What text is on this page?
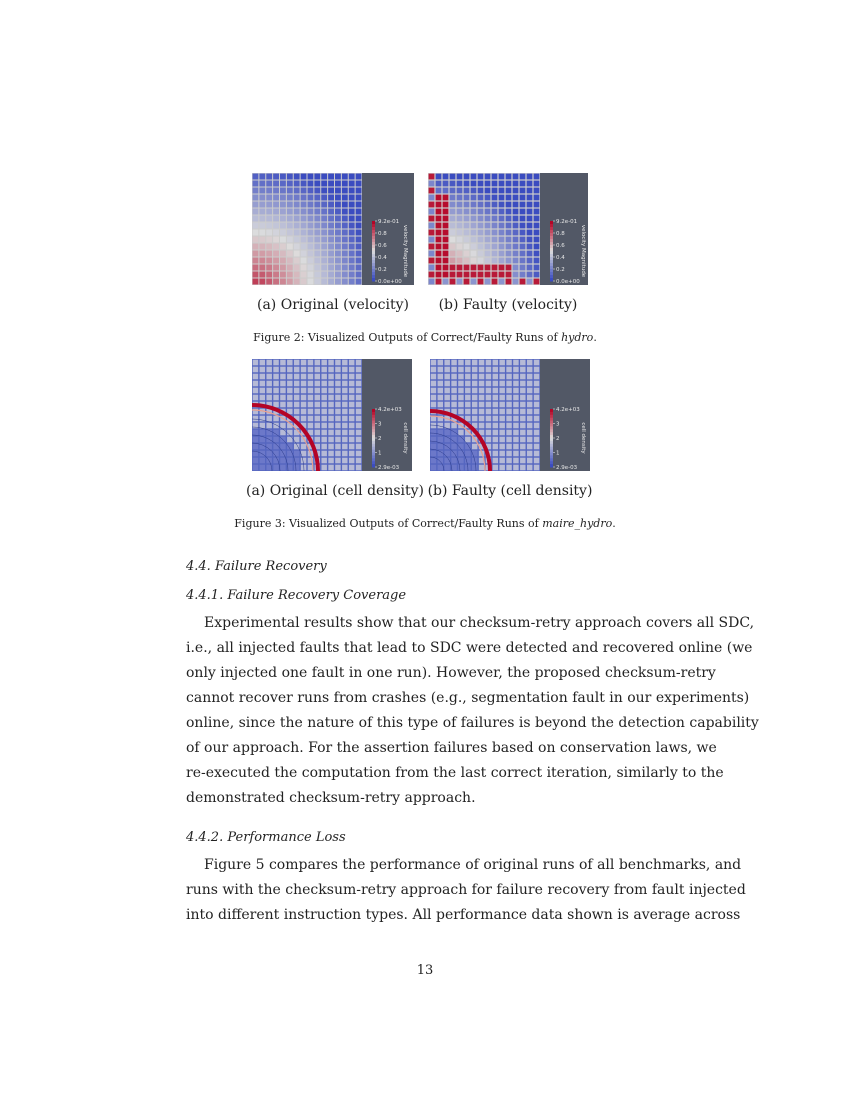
9.2e-01
0.8
0.6
0.4
0.2
0.0e+00
velocity Magnitude
9.2e-01
0.8
0.6
0.4
0.2
0.0e+00
velocity Magnitude
(a) Original (velocity)	(b) Faulty (velocity)
Figure 2: Visualized Outputs of Correct/Faulty Runs of hydro.
4.2e+03
3
2
1
2.9e-03
cell density
4.2e+03
3
2
1
2.9e-03
cell density
(a) Original (cell density) (b) Faulty (cell density)
Figure 3: Visualized Outputs of Correct/Faulty Runs of maire_hydro.
4.4. Failure Recovery
4.4.1. Failure Recovery Coverage
Experimental results show that our checksum-retry approach covers all SDC,
i.e., all injected faults that lead to SDC were detected and recovered online (we
only injected one fault in one run). However, the proposed checksum-retry
cannot recover runs from crashes (e.g., segmentation fault in our experiments)
online, since the nature of this type of failures is beyond the detection capability
of our approach. For the assertion failures based on conservation laws, we
re-executed the computation from the last correct iteration, similarly to the
demonstrated checksum-retry approach.
4.4.2. Performance Loss
Figure 5 compares the performance of original runs of all benchmarks, and
runs with the checksum-retry approach for failure recovery from fault injected
into different instruction types. All performance data shown is average across
13
